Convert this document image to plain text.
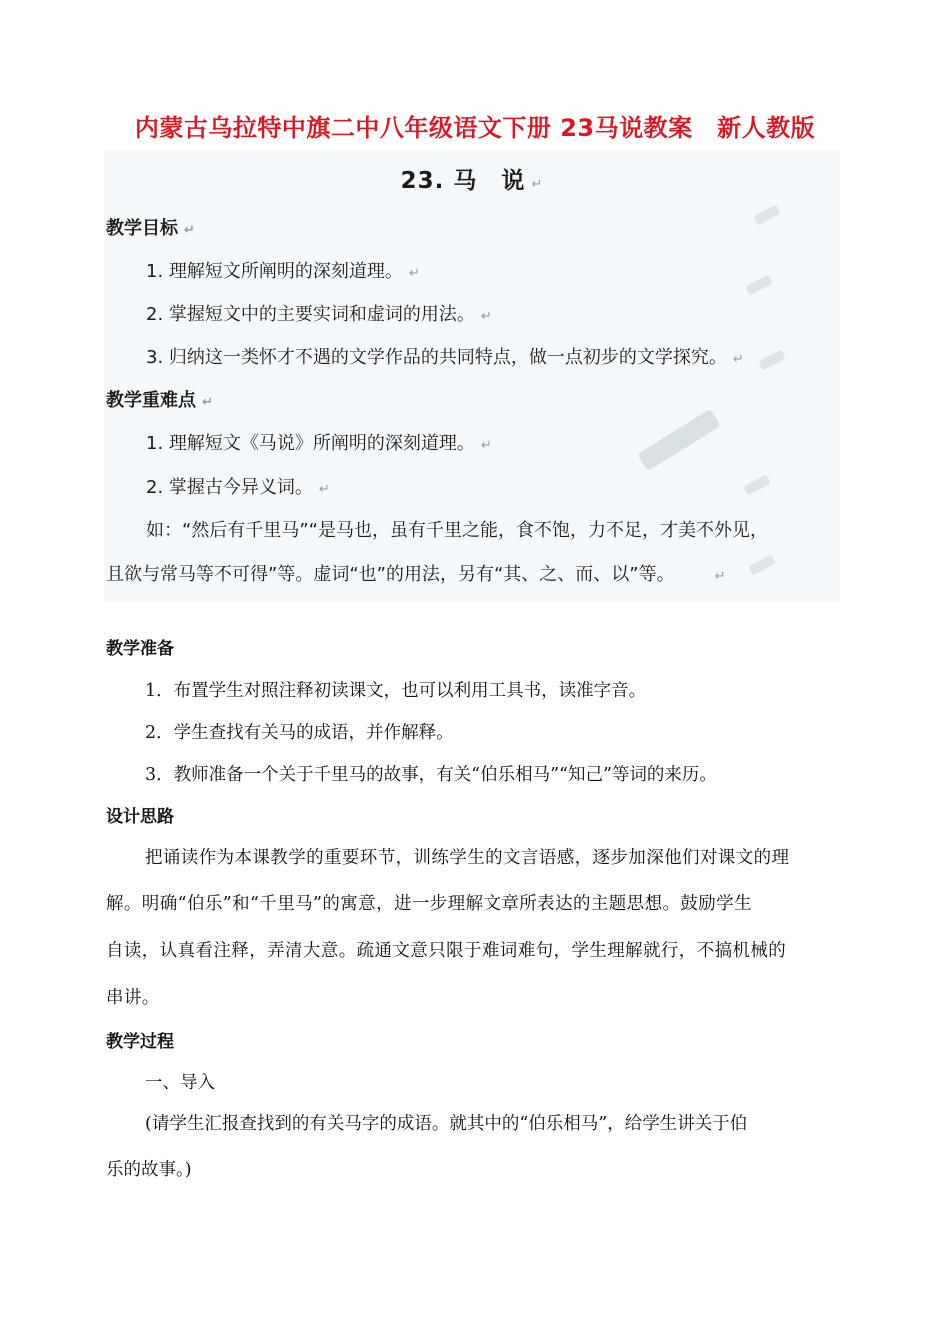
内蒙古乌拉特中旗二中八年级语文下册 23马说教案　新人教版
23. 马　说 ↵
教学目标 ↵
1. 理解短文所阐明的深刻道理。 ↵
2. 掌握短文中的主要实词和虚词的用法。 ↵
3. 归纳这一类怀才不遇的文学作品的共同特点，做一点初步的文学探究。 ↵
教学重难点 ↵
1. 理解短文《马说》所阐明的深刻道理。 ↵
2. 掌握古今异义词。 ↵
如：“然后有千里马”“是马也，虽有千里之能，食不饱，力不足，才美不外见，
且欲与常马等不可得”等。虚词“也”的用法，另有“其、之、而、以”等。	↵
教学准备
1．布置学生对照注释初读课文，也可以利用工具书，读准字音。
2．学生查找有关马的成语，并作解释。
3．教师准备一个关于千里马的故事，有关“伯乐相马”“知己”等词的来历。
设计思路
把诵读作为本课教学的重要环节，训练学生的文言语感，逐步加深他们对课文的理
解。明确“伯乐”和“千里马”的寓意，进一步理解文章所表达的主题思想。鼓励学生
自读，认真看注释，弄清大意。疏通文意只限于难词难句，学生理解就行，不搞机械的
串讲。
教学过程
一、导入
(请学生汇报查找到的有关马字的成语。就其中的“伯乐相马”，给学生讲关于伯
乐的故事。)
